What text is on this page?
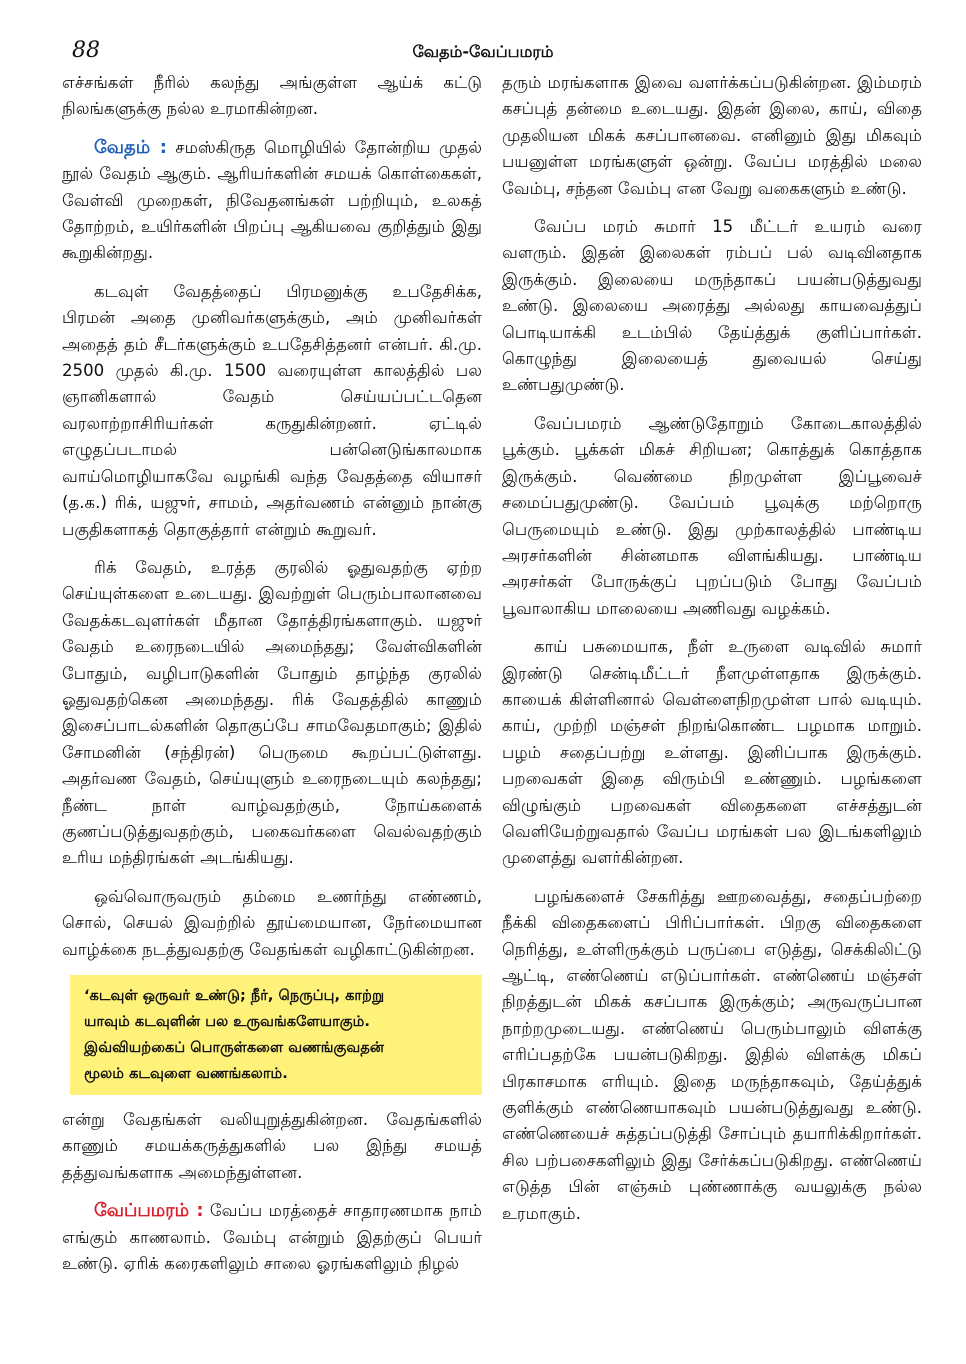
88	வேதம்-வேப்பமரம்

எச்சங்கள் நீரில் கலந்து அங்குள்ள ஆய்க் கட்டு நிலங்களுக்கு நல்ல உரமாகின்றன.

வேதம் : சமஸ்கிருத மொழியில் தோன்றிய முதல் நூல் வேதம் ஆகும். ஆரியர்களின் சமயக் கொள்கைகள், வேள்வி முறைகள், நிவேதனங்கள் பற்றியும், உலகத் தோற்றம், உயிர்களின் பிறப்பு ஆகியவை குறித்தும் இது கூறுகின்றது.

கடவுள் வேதத்தைப் பிரமனுக்கு உபதேசிக்க, பிரமன் அதை முனிவர்களுக்கும், அம் முனிவர்கள் அதைத் தம் சீடர்களுக்கும் உபதேசித்தனர் என்பர். கி.மு. 2500 முதல் கி.மு. 1500 வரையுள்ள காலத்தில் பல ஞானிகளால் வேதம் செய்யப்பட்டதென வரலாற்றாசிரியர்கள் கருதுகின்றனர். ஏட்டில் எழுதப்படாமல் பன்னெடுங்காலமாக வாய்மொழியாகவே வழங்கி வந்த வேதத்தை வியாசர் (த.க.) ரிக், யஜுர், சாமம், அதர்வணம் என்னும் நான்கு பகுதிகளாகத் தொகுத்தார் என்றும் கூறுவர்.

ரிக் வேதம், உரத்த குரலில் ஓதுவதற்கு ஏற்ற செய்யுள்களை உடையது. இவற்றுள் பெரும்பாலானவை வேதக்கடவுளர்கள் மீதான தோத்திரங்களாகும். யஜுர் வேதம் உரைநடையில் அமைந்தது; வேள்விகளின் போதும், வழிபாடுகளின் போதும் தாழ்ந்த குரலில் ஓதுவதற்கென அமைந்தது. ரிக் வேதத்தில் காணும் இசைப்பாடல்களின் தொகுப்பே சாமவேதமாகும்; இதில் சோமனின் (சந்திரன்) பெருமை கூறப்பட்டுள்ளது. அதர்வண வேதம், செய்யுளும் உரைநடையும் கலந்தது; நீண்ட நாள் வாழ்வதற்கும், நோய்களைக் குணப்படுத்துவதற்கும், பகைவர்களை வெல்வதற்கும் உரிய மந்திரங்கள் அடங்கியது.

ஒவ்வொருவரும் தம்மை உணர்ந்து எண்ணம், சொல், செயல் இவற்றில் தூய்மையான, நேர்மையான வாழ்க்கை நடத்துவதற்கு வேதங்கள் வழிகாட்டுகின்றன.

‘கடவுள் ஒருவர் உண்டு; நீர், நெருப்பு, காற்று
யாவும் கடவுளின் பல உருவங்களேயாகும்.
இவ்வியற்கைப் பொருள்களை வணங்குவதன்
மூலம் கடவுளை வணங்கலாம்.

என்று வேதங்கள் வலியுறுத்துகின்றன. வேதங்களில் காணும் சமயக்கருத்துகளில் பல இந்து சமயத் தத்துவங்களாக அமைந்துள்ளன.

வேப்பமரம் : வேப்ப மரத்தைச் சாதாரணமாக நாம் எங்கும் காணலாம். வேம்பு என்றும் இதற்குப் பெயர் உண்டு. ஏரிக் கரைகளிலும் சாலை ஓரங்களிலும் நிழல்

தரும் மரங்களாக இவை வளர்க்கப்படுகின்றன. இம்மரம் கசப்புத் தன்மை உடையது. இதன் இலை, காய், விதை முதலியன மிகக் கசப்பானவை. எனினும் இது மிகவும் பயனுள்ள மரங்களுள் ஒன்று. வேப்ப மரத்தில் மலை வேம்பு, சந்தன வேம்பு என வேறு வகைகளும் உண்டு.

வேப்ப மரம் சுமார் 15 மீட்டர் உயரம் வரை வளரும். இதன் இலைகள் ரம்பப் பல் வடிவினதாக இருக்கும். இலையை மருந்தாகப் பயன்படுத்துவது உண்டு. இலையை அரைத்து அல்லது காயவைத்துப் பொடியாக்கி உடம்பில் தேய்த்துக் குளிப்பார்கள். கொழுந்து இலையைத் துவையல் செய்து உண்பதுமுண்டு.

வேப்பமரம் ஆண்டுதோறும் கோடைகாலத்தில் பூக்கும். பூக்கள் மிகச் சிறியன; கொத்துக் கொத்தாக இருக்கும். வெண்மை நிறமுள்ள இப்பூவைச் சமைப்பதுமுண்டு. வேப்பம் பூவுக்கு மற்றொரு பெருமையும் உண்டு. இது முற்காலத்தில் பாண்டிய அரசர்களின் சின்னமாக விளங்கியது. பாண்டிய அரசர்கள் போருக்குப் புறப்படும் போது வேப்பம் பூவாலாகிய மாலையை அணிவது வழக்கம்.

காய் பசுமையாக, நீள் உருளை வடிவில் சுமார் இரண்டு சென்டிமீட்டர் நீளமுள்ளதாக இருக்கும். காயைக் கிள்ளினால் வெள்ளைநிறமுள்ள பால் வடியும். காய், முற்றி மஞ்சள் நிறங்கொண்ட பழமாக மாறும். பழம் சதைப்பற்று உள்ளது. இனிப்பாக இருக்கும். பறவைகள் இதை விரும்பி உண்ணும். பழங்களை விழுங்கும் பறவைகள் விதைகளை எச்சத்துடன் வெளியேற்றுவதால் வேப்ப மரங்கள் பல இடங்களிலும் முளைத்து வளர்கின்றன.

பழங்களைச் சேகரித்து ஊறவைத்து, சதைப்பற்றை நீக்கி விதைகளைப் பிரிப்பார்கள். பிறகு விதைகளை நெரித்து, உள்ளிருக்கும் பருப்பை எடுத்து, செக்கிலிட்டு ஆட்டி, எண்ணெய் எடுப்பார்கள். எண்ணெய் மஞ்சள் நிறத்துடன் மிகக் கசப்பாக இருக்கும்; அருவருப்பான நாற்றமுடையது. எண்ணெய் பெரும்பாலும் விளக்கு எரிப்பதற்கே பயன்படுகிறது. இதில் விளக்கு மிகப் பிரகாசமாக எரியும். இதை மருந்தாகவும், தேய்த்துக் குளிக்கும் எண்ணெயாகவும் பயன்படுத்துவது உண்டு. எண்ணெயைச் சுத்தப்படுத்தி சோப்பும் தயாரிக்கிறார்கள். சில பற்பசைகளிலும் இது சேர்க்கப்படுகிறது. எண்ணெய் எடுத்த பின் எஞ்சும் புண்ணாக்கு வயலுக்கு நல்ல உரமாகும்.
